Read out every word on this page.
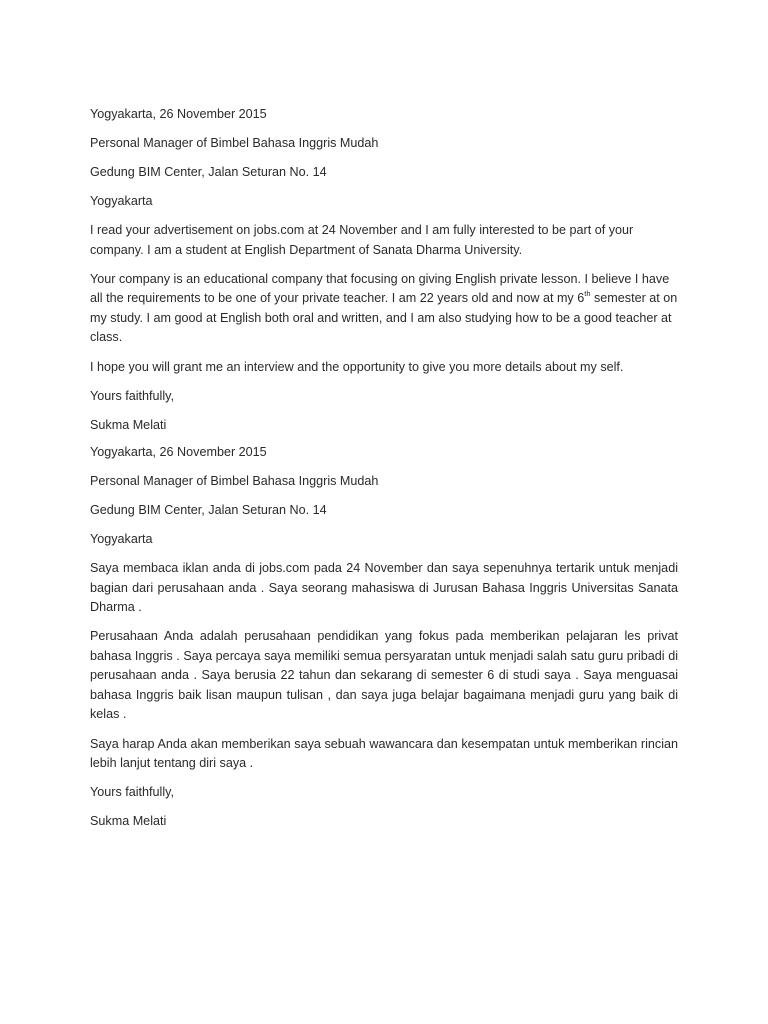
Yogyakarta, 26 November 2015

Personal Manager of Bimbel Bahasa Inggris Mudah

Gedung BIM Center, Jalan Seturan No. 14

Yogyakarta

I read your advertisement on jobs.com at 24 November and I am fully interested to be part of your company. I am a student at English Department of Sanata Dharma University.

Your company is an educational company that focusing on giving English private lesson. I believe I have all the requirements to be one of your private teacher. I am 22 years old and now at my 6th semester at on my study. I am good at English both oral and written, and I am also studying how to be a good teacher at class.

I hope you will grant me an interview and the opportunity to give you more details about my self.

Yours faithfully,

Sukma Melati

Yogyakarta, 26 November 2015

Personal Manager of Bimbel Bahasa Inggris Mudah

Gedung BIM Center, Jalan Seturan No. 14

Yogyakarta

Saya membaca iklan anda di jobs.com pada 24 November dan saya sepenuhnya tertarik untuk menjadi bagian dari perusahaan anda . Saya seorang mahasiswa di Jurusan Bahasa Inggris Universitas Sanata Dharma .

Perusahaan Anda adalah perusahaan pendidikan yang fokus pada memberikan pelajaran les privat bahasa Inggris . Saya percaya saya memiliki semua persyaratan untuk menjadi salah satu guru pribadi di perusahaan anda . Saya berusia 22 tahun dan sekarang di semester 6 di studi saya . Saya menguasai bahasa Inggris baik lisan maupun tulisan , dan saya juga belajar bagaimana menjadi guru yang baik di kelas .

Saya harap Anda akan memberikan saya sebuah wawancara dan kesempatan untuk memberikan rincian lebih lanjut tentang diri saya .

Yours faithfully,

Sukma Melati
